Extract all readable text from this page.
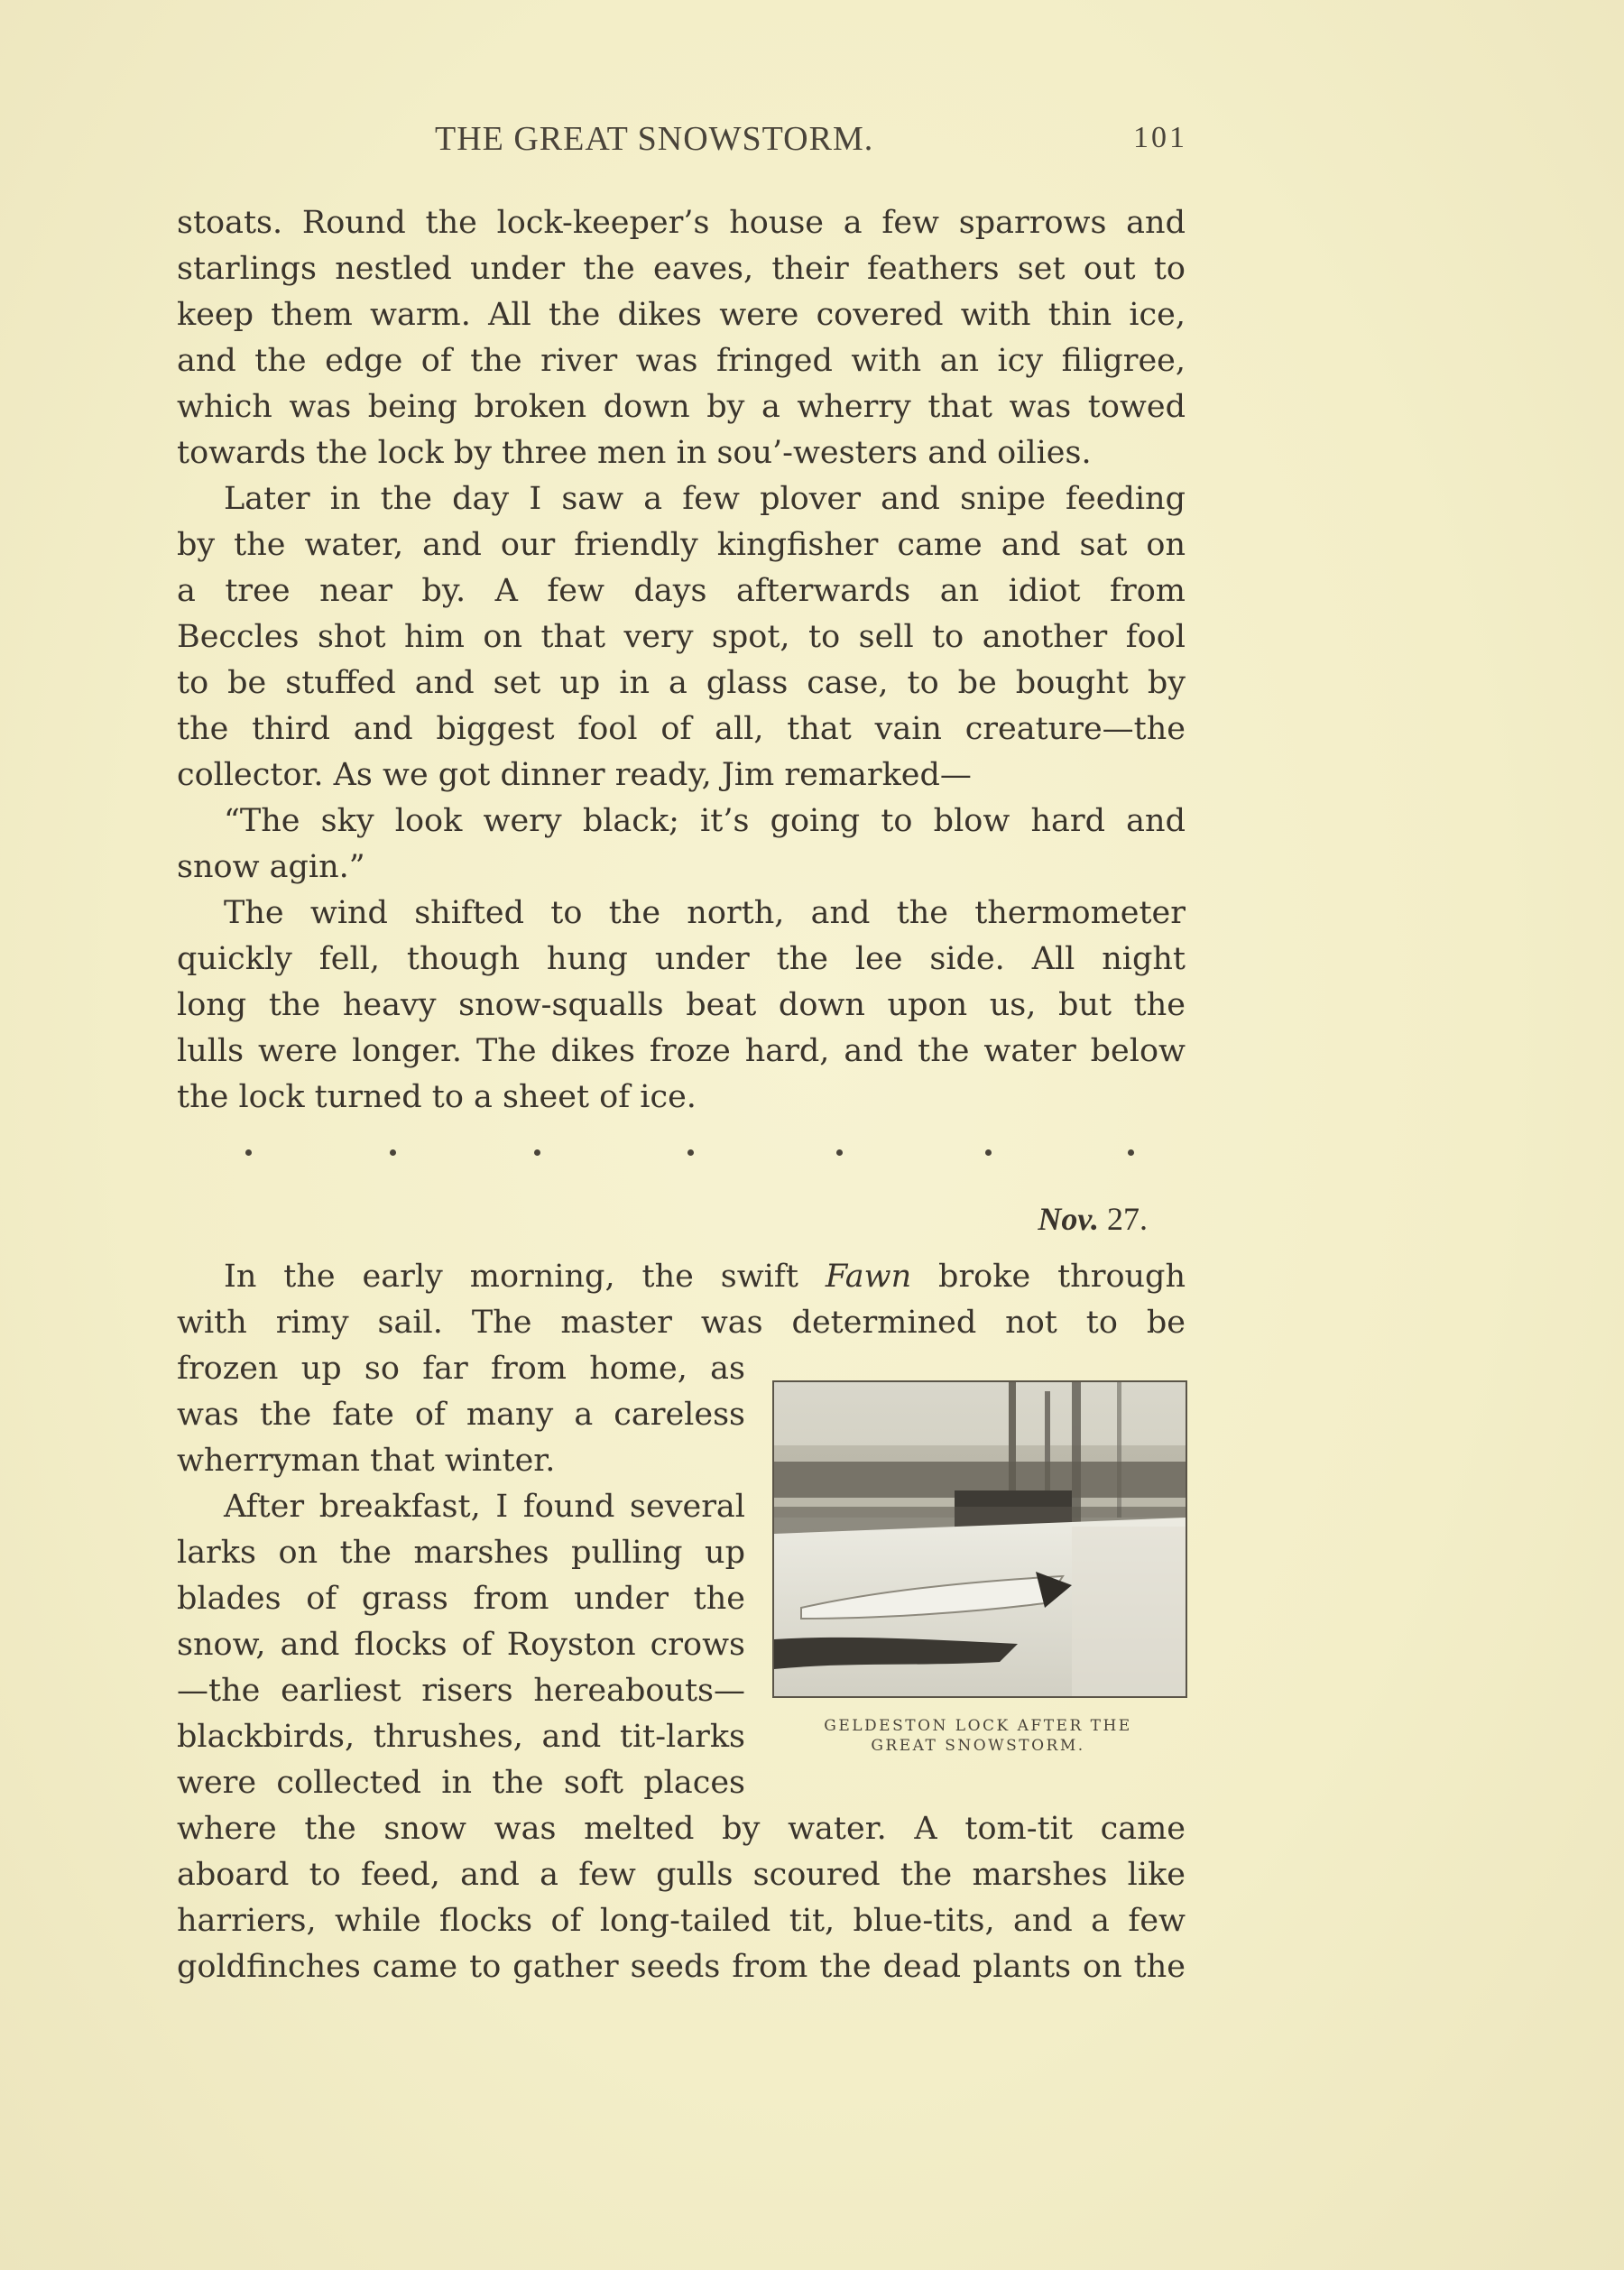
THE GREAT SNOWSTORM.	101
stoats. Round the lock-keeper’s house a few sparrows and
starlings nestled under the eaves, their feathers set out to
keep them warm. All the dikes were covered with thin ice,
and the edge of the river was fringed with an icy filigree,
which was being broken down by a wherry that was towed
towards the lock by three men in sou’-westers and oilies.
Later in the day I saw a few plover and snipe feeding
by the water, and our friendly kingfisher came and sat on
a tree near by. A few days afterwards an idiot from
Beccles shot him on that very spot, to sell to another fool
to be stuffed and set up in a glass case, to be bought by
the third and biggest fool of all, that vain creature—the
collector. As we got dinner ready, Jim remarked—
“The sky look wery black; it’s going to blow hard and
snow agin.”
The wind shifted to the north, and the thermometer
quickly fell, though hung under the lee side. All night
long the heavy snow-squalls beat down upon us, but the
lulls were longer. The dikes froze hard, and the water below
the lock turned to a sheet of ice.
Nov. 27.
In the early morning, the swift Fawn broke through
with rimy sail. The master was determined not to be
frozen up so far from home, as
was the fate of many a careless
wherryman that winter.
After breakfast, I found several
larks on the marshes pulling up
blades of grass from under the
snow, and flocks of Royston crows
—the earliest risers hereabouts—
blackbirds, thrushes, and tit-larks
were collected in the soft places
where the snow was melted by water. A tom-tit came
aboard to feed, and a few gulls scoured the marshes like
harriers, while flocks of long-tailed tit, blue-tits, and a few
goldfinches came to gather seeds from the dead plants on the
GELDESTON LOCK AFTER THE
GREAT SNOWSTORM.
